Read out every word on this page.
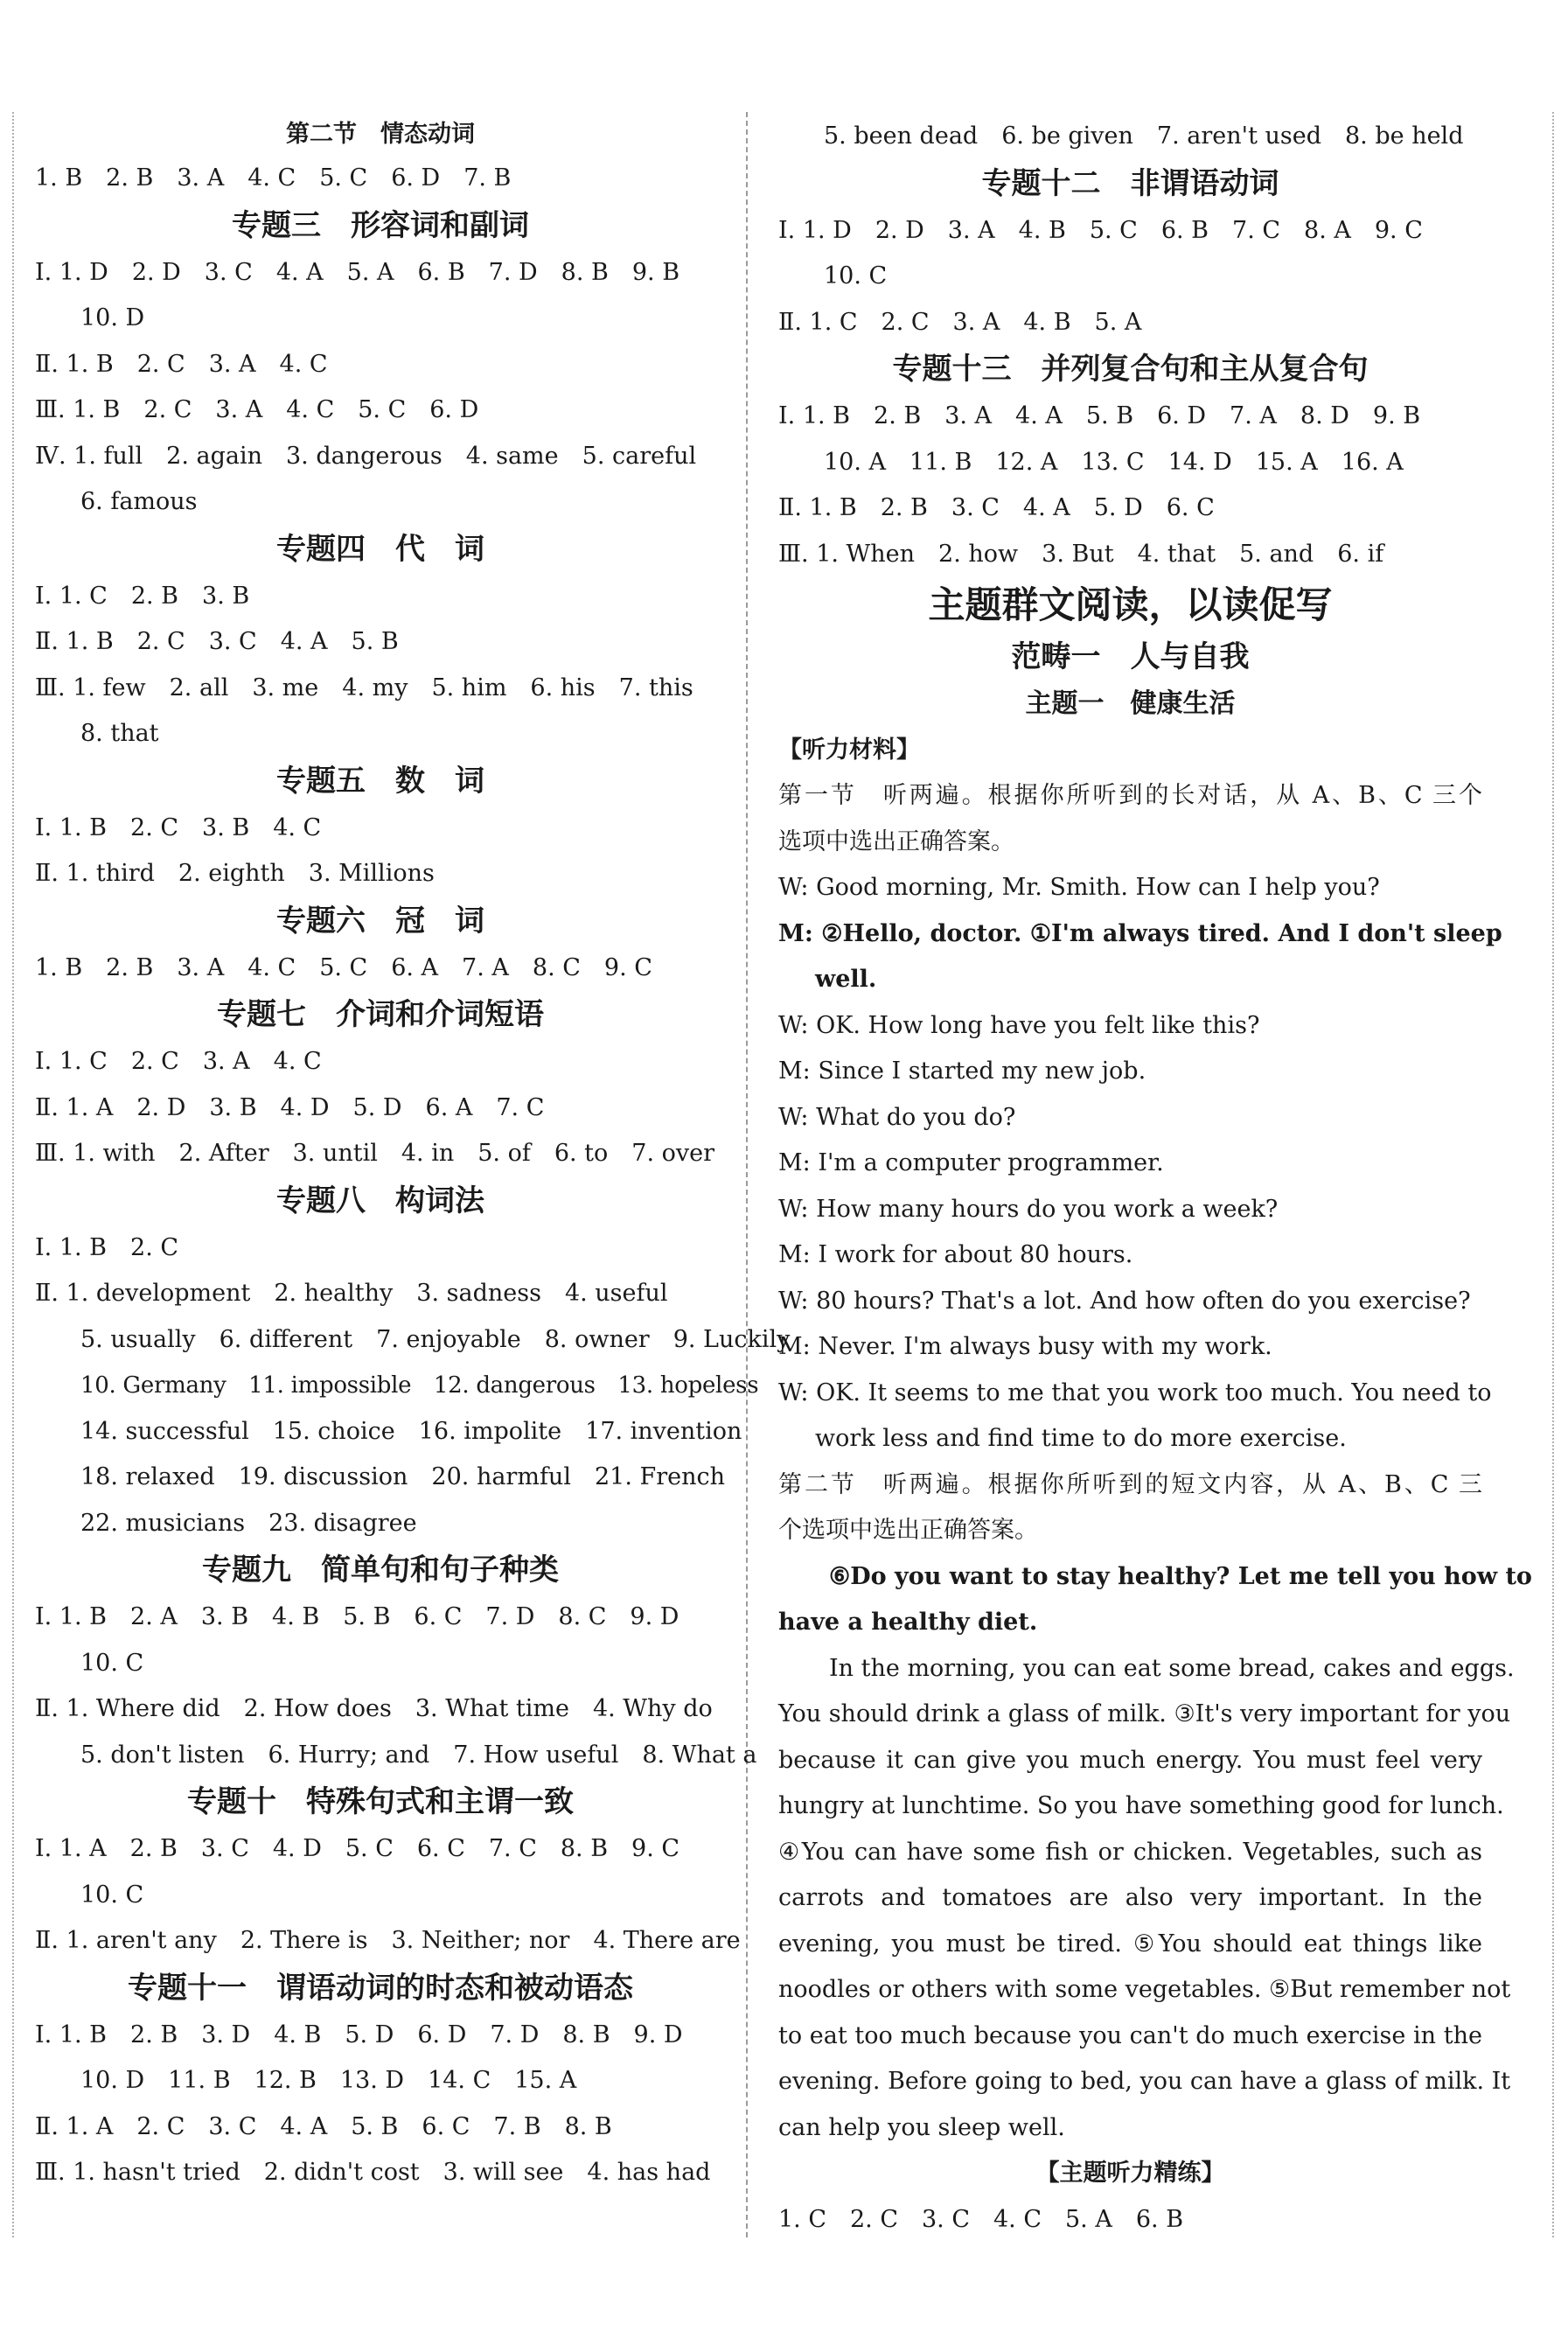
第二节　情态动词
1. B　2. B　3. A　4. C　5. C　6. D　7. B
专题三　形容词和副词
Ⅰ. 1. D　2. D　3. C　4. A　5. A　6. B　7. D　8. B　9. B
10. D
Ⅱ. 1. B　2. C　3. A　4. C
Ⅲ. 1. B　2. C　3. A　4. C　5. C　6. D
Ⅳ. 1. full　2. again　3. dangerous　4. same　5. careful
6. famous
专题四　代　词
Ⅰ. 1. C　2. B　3. B
Ⅱ. 1. B　2. C　3. C　4. A　5. B
Ⅲ. 1. few　2. all　3. me　4. my　5. him　6. his　7. this
8. that
专题五　数　词
Ⅰ. 1. B　2. C　3. B　4. C
Ⅱ. 1. third　2. eighth　3. Millions
专题六　冠　词
1. B　2. B　3. A　4. C　5. C　6. A　7. A　8. C　9. C
专题七　介词和介词短语
Ⅰ. 1. C　2. C　3. A　4. C
Ⅱ. 1. A　2. D　3. B　4. D　5. D　6. A　7. C
Ⅲ. 1. with　2. After　3. until　4. in　5. of　6. to　7. over
专题八　构词法
Ⅰ. 1. B　2. C
Ⅱ. 1. development　2. healthy　3. sadness　4. useful
5. usually　6. different　7. enjoyable　8. owner　9. Luckily
10. Germany　11. impossible　12. dangerous　13. hopeless
14. successful　15. choice　16. impolite　17. invention
18. relaxed　19. discussion　20. harmful　21. French
22. musicians　23. disagree
专题九　简单句和句子种类
Ⅰ. 1. B　2. A　3. B　4. B　5. B　6. C　7. D　8. C　9. D
10. C
Ⅱ. 1. Where did　2. How does　3. What time　4. Why do
5. don't listen　6. Hurry; and　7. How useful　8. What a
专题十　特殊句式和主谓一致
Ⅰ. 1. A　2. B　3. C　4. D　5. C　6. C　7. C　8. B　9. C
10. C
Ⅱ. 1. aren't any　2. There is　3. Neither; nor　4. There are
专题十一　谓语动词的时态和被动语态
Ⅰ. 1. B　2. B　3. D　4. B　5. D　6. D　7. D　8. B　9. D
10. D　11. B　12. B　13. D　14. C　15. A
Ⅱ. 1. A　2. C　3. C　4. A　5. B　6. C　7. B　8. B
Ⅲ. 1. hasn't tried　2. didn't cost　3. will see　4. has had
5. been dead　6. be given　7. aren't used　8. be held
专题十二　非谓语动词
Ⅰ. 1. D　2. D　3. A　4. B　5. C　6. B　7. C　8. A　9. C
10. C
Ⅱ. 1. C　2. C　3. A　4. B　5. A
专题十三　并列复合句和主从复合句
Ⅰ. 1. B　2. B　3. A　4. A　5. B　6. D　7. A　8. D　9. B
10. A　11. B　12. A　13. C　14. D　15. A　16. A
Ⅱ. 1. B　2. B　3. C　4. A　5. D　6. C
Ⅲ. 1. When　2. how　3. But　4. that　5. and　6. if
主题群文阅读，以读促写
范畴一　人与自我
主题一　健康生活
【听力材料】
第一节　听两遍。根据你所听到的长对话，从 A、B、C 三个
选项中选出正确答案。
W: Good morning, Mr. Smith. How can I help you?
M: ②Hello, doctor. ①I'm always tired. And I don't sleep
well.
W: OK. How long have you felt like this?
M: Since I started my new job.
W: What do you do?
M: I'm a computer programmer.
W: How many hours do you work a week?
M: I work for about 80 hours.
W: 80 hours? That's a lot. And how often do you exercise?
M: Never. I'm always busy with my work.
W: OK. It seems to me that you work too much. You need to
work less and find time to do more exercise.
第二节　听两遍。根据你所听到的短文内容，从 A、B、C 三
个选项中选出正确答案。
⑥Do you want to stay healthy? Let me tell you how to
have a healthy diet.
In the morning, you can eat some bread, cakes and eggs.
You should drink a glass of milk. ③It's very important for you
because it can give you much energy. You must feel very
hungry at lunchtime. So you have something good for lunch.
④You can have some fish or chicken. Vegetables, such as
carrots and tomatoes are also very important. In the
evening, you must be tired. ⑤You should eat things like
noodles or others with some vegetables. ⑤But remember not
to eat too much because you can't do much exercise in the
evening. Before going to bed, you can have a glass of milk. It
can help you sleep well.
【主题听力精练】
1. C　2. C　3. C　4. C　5. A　6. B
